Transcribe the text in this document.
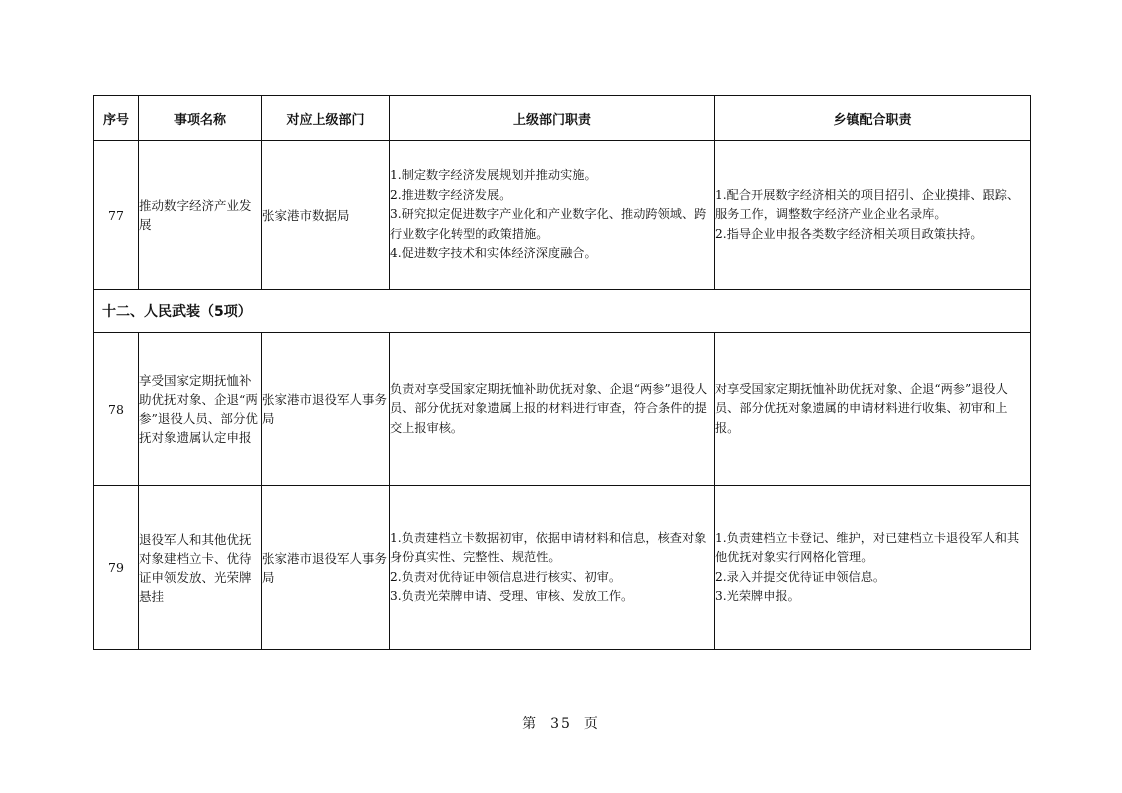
序号	事项名称	对应上级部门	上级部门职责	乡镇配合职责
77	推动数字经济产业发展	张家港市数据局	1.制定数字经济发展规划并推动实施。
2.推进数字经济发展。
3.研究拟定促进数字产业化和产业数字化、推动跨领域、跨行业数字化转型的政策措施。
4.促进数字技术和实体经济深度融合。	1.配合开展数字经济相关的项目招引、企业摸排、跟踪、服务工作，调整数字经济产业企业名录库。
2.指导企业申报各类数字经济相关项目政策扶持。

十二、人民武装（5项）				
78	享受国家定期抚恤补助优抚对象、企退“两参”退役人员、部分优抚对象遗属认定申报	张家港市退役军人事务局	负责对享受国家定期抚恤补助优抚对象、企退“两参”退役人员、部分优抚对象遗属上报的材料进行审查，符合条件的提交上报审核。	对享受国家定期抚恤补助优抚对象、企退“两参”退役人员、部分优抚对象遗属的申请材料进行收集、初审和上报。

79	退役军人和其他优抚对象建档立卡、优待证申领发放、光荣牌悬挂	张家港市退役军人事务局	1.负责建档立卡数据初审，依据申请材料和信息，核查对象身份真实性、完整性、规范性。
2.负责对优待证申领信息进行核实、初审。
3.负责光荣牌申请、受理、审核、发放工作。	1.负责建档立卡登记、维护，对已建档立卡退役军人和其他优抚对象实行网格化管理。
2.录入并提交优待证申领信息。
3.光荣牌申报。
第 35 页
